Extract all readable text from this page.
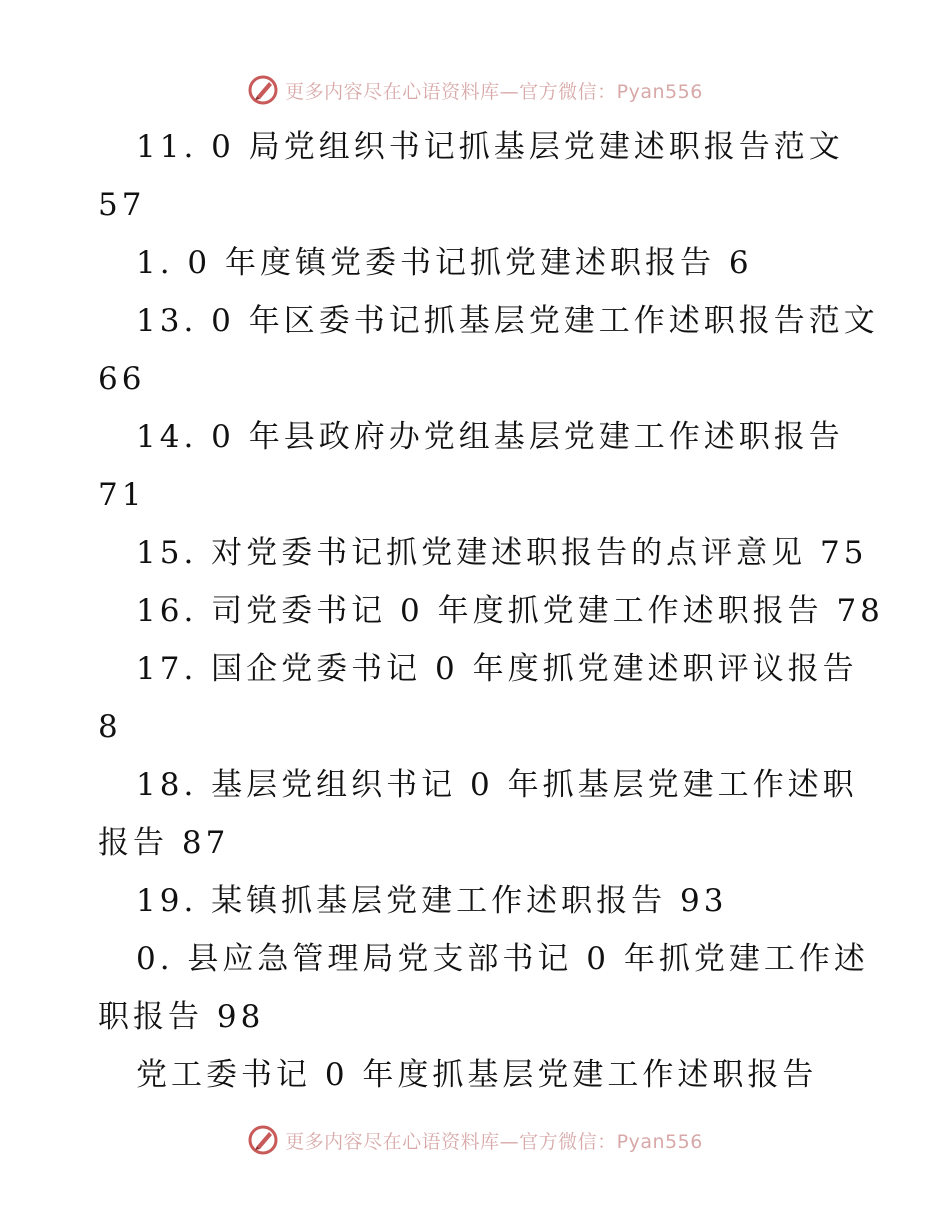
更多内容尽在心语资料库—官方微信：Pyan556
11. 0 局党组织书记抓基层党建述职报告范文
57
1. 0 年度镇党委书记抓党建述职报告 6
13. 0 年区委书记抓基层党建工作述职报告范文
66
14. 0 年县政府办党组基层党建工作述职报告
71
15. 对党委书记抓党建述职报告的点评意见 75
16. 司党委书记 0 年度抓党建工作述职报告 78
17. 国企党委书记 0 年度抓党建述职评议报告
8
18. 基层党组织书记 0 年抓基层党建工作述职
报告 87
19. 某镇抓基层党建工作述职报告 93
0. 县应急管理局党支部书记 0 年抓党建工作述
职报告 98
党工委书记 0 年度抓基层党建工作述职报告
更多内容尽在心语资料库—官方微信：Pyan556
